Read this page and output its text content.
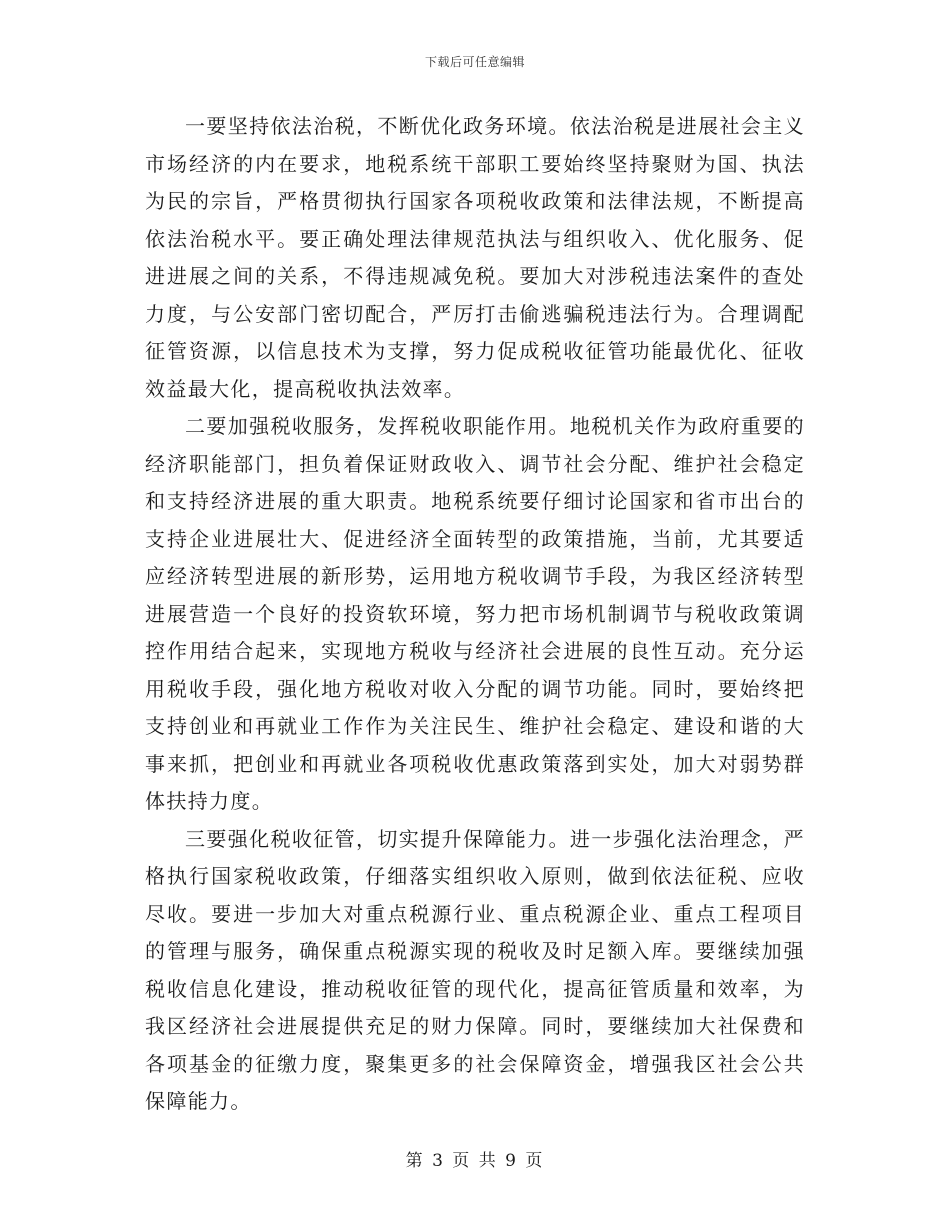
下载后可任意编辑

一要坚持依法治税，不断优化政务环境。依法治税是进展社会主义市场经济的内在要求，地税系统干部职工要始终坚持聚财为国、执法为民的宗旨，严格贯彻执行国家各项税收政策和法律法规，不断提高依法治税水平。要正确处理法律规范执法与组织收入、优化服务、促进进展之间的关系，不得违规减免税。要加大对涉税违法案件的查处力度，与公安部门密切配合，严厉打击偷逃骗税违法行为。合理调配征管资源，以信息技术为支撑，努力促成税收征管功能最优化、征收效益最大化，提高税收执法效率。

二要加强税收服务，发挥税收职能作用。地税机关作为政府重要的经济职能部门，担负着保证财政收入、调节社会分配、维护社会稳定和支持经济进展的重大职责。地税系统要仔细讨论国家和省市出台的支持企业进展壮大、促进经济全面转型的政策措施，当前，尤其要适应经济转型进展的新形势，运用地方税收调节手段，为我区经济转型进展营造一个良好的投资软环境，努力把市场机制调节与税收政策调控作用结合起来，实现地方税收与经济社会进展的良性互动。充分运用税收手段，强化地方税收对收入分配的调节功能。同时，要始终把支持创业和再就业工作作为关注民生、维护社会稳定、建设和谐的大事来抓，把创业和再就业各项税收优惠政策落到实处，加大对弱势群体扶持力度。

三要强化税收征管，切实提升保障能力。进一步强化法治理念，严格执行国家税收政策，仔细落实组织收入原则，做到依法征税、应收尽收。要进一步加大对重点税源行业、重点税源企业、重点工程项目的管理与服务，确保重点税源实现的税收及时足额入库。要继续加强税收信息化建设，推动税收征管的现代化，提高征管质量和效率，为我区经济社会进展提供充足的财力保障。同时，要继续加大社保费和各项基金的征缴力度，聚集更多的社会保障资金，增强我区社会公共保障能力。

第 3 页 共 9 页
